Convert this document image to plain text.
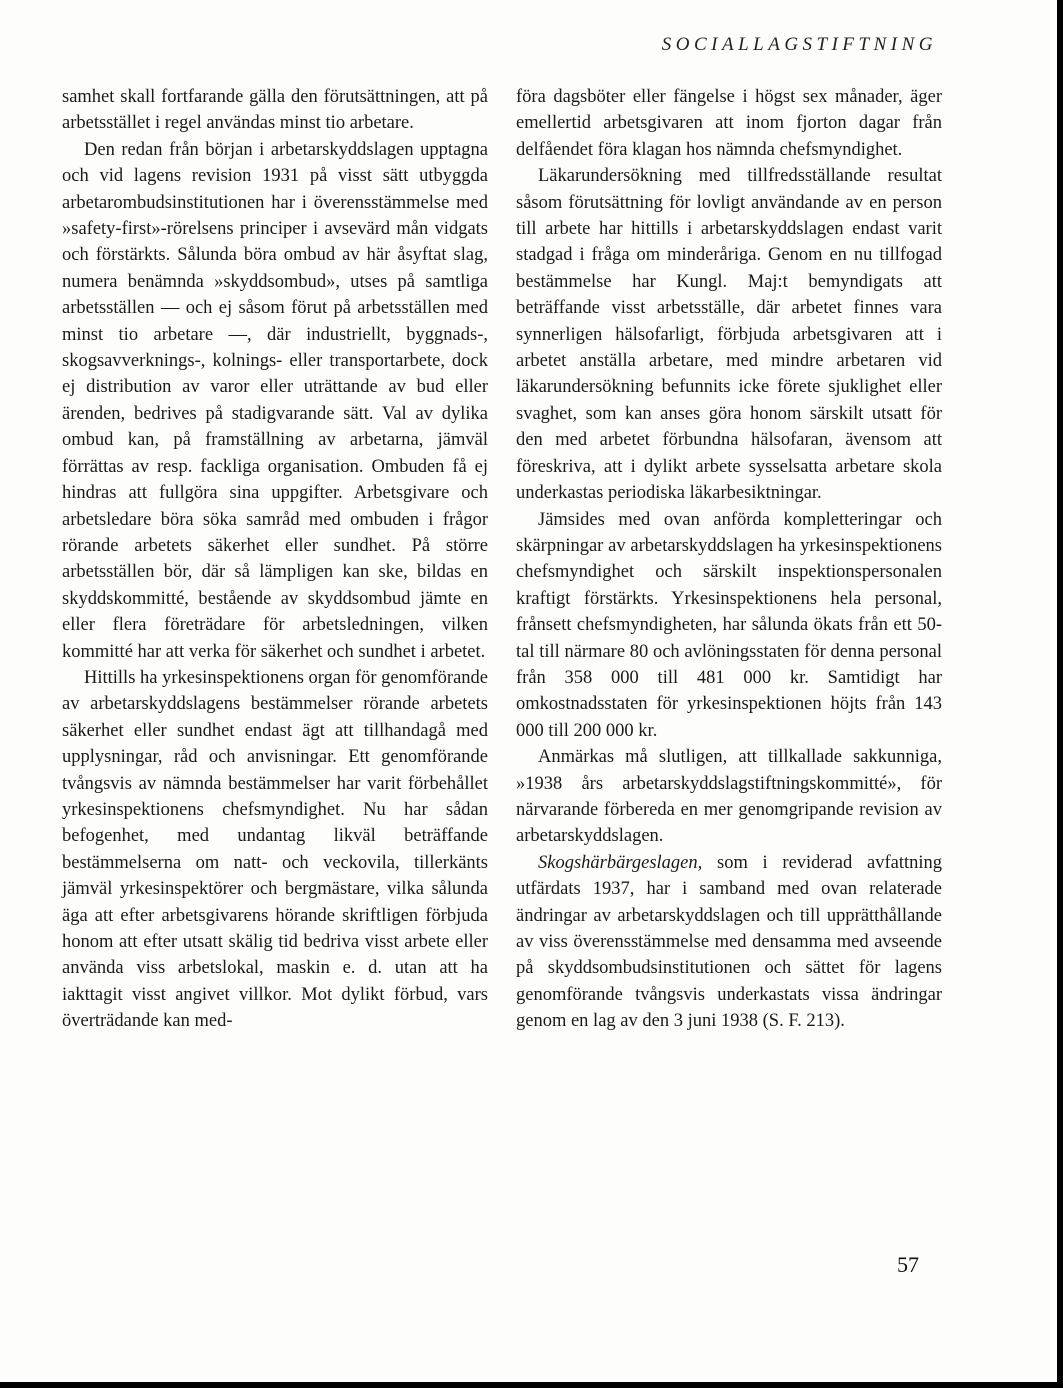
SOCIALLAGSTIFTNING

samhet skall fortfarande gälla den förutsättningen, att på arbetsstället i regel användas minst tio arbetare.

Den redan från början i arbetarskyddslagen upptagna och vid lagens revision 1931 på visst sätt utbyggda arbetarombudsinstitutionen har i överensstämmelse med »safety-first»-rörelsens principer i avsevärd mån vidgats och förstärkts. Sålunda böra ombud av här åsyftat slag, numera benämnda »skyddsombud», utses på samtliga arbetsställen — och ej såsom förut på arbetsställen med minst tio arbetare —, där industriellt, byggnads-, skogsavverknings-, kolnings- eller transportarbete, dock ej distribution av varor eller uträttande av bud eller ärenden, bedrives på stadigvarande sätt. Val av dylika ombud kan, på framställning av arbetarna, jämväl förrättas av resp. fackliga organisation. Ombuden få ej hindras att fullgöra sina uppgifter. Arbetsgivare och arbetsledare böra söka samråd med ombuden i frågor rörande arbetets säkerhet eller sundhet. På större arbetsställen bör, där så lämpligen kan ske, bildas en skyddskommitté, bestående av skyddsombud jämte en eller flera företrädare för arbetsledningen, vilken kommitté har att verka för säkerhet och sundhet i arbetet.

Hittills ha yrkesinspektionens organ för genomförande av arbetarskyddslagens bestämmelser rörande arbetets säkerhet eller sundhet endast ägt att tillhandagå med upplysningar, råd och anvisningar. Ett genomförande tvångsvis av nämnda bestämmelser har varit förbehållet yrkesinspektionens chefsmyndighet. Nu har sådan befogenhet, med undantag likväl beträffande bestämmelserna om natt- och veckovila, tillerkänts jämväl yrkesinspektörer och bergmästare, vilka sålunda äga att efter arbetsgivarens hörande skriftligen förbjuda honom att efter utsatt skälig tid bedriva visst arbete eller använda viss arbetslokal, maskin e. d. utan att ha iakttagit visst angivet villkor. Mot dylikt förbud, vars överträdande kan med-

föra dagsböter eller fängelse i högst sex månader, äger emellertid arbetsgivaren att inom fjorton dagar från delfåendet föra klagan hos nämnda chefsmyndighet.

Läkarundersökning med tillfredsställande resultat såsom förutsättning för lovligt användande av en person till arbete har hittills i arbetarskyddslagen endast varit stadgad i fråga om minderåriga. Genom en nu tillfogad bestämmelse har Kungl. Maj:t bemyndigats att beträffande visst arbetsställe, där arbetet finnes vara synnerligen hälsofarligt, förbjuda arbetsgivaren att i arbetet anställa arbetare, med mindre arbetaren vid läkarundersökning befunnits icke förete sjuklighet eller svaghet, som kan anses göra honom särskilt utsatt för den med arbetet förbundna hälsofaran, ävensom att föreskriva, att i dylikt arbete sysselsatta arbetare skola underkastas periodiska läkarbesiktningar.

Jämsides med ovan anförda kompletteringar och skärpningar av arbetarskyddslagen ha yrkesinspektionens chefsmyndighet och särskilt inspektionspersonalen kraftigt förstärkts. Yrkesinspektionens hela personal, frånsett chefsmyndigheten, har sålunda ökats från ett 50-tal till närmare 80 och avlöningsstaten för denna personal från 358 000 till 481 000 kr. Samtidigt har omkostnadsstaten för yrkesinspektionen höjts från 143 000 till 200 000 kr.

Anmärkas må slutligen, att tillkallade sakkunniga, »1938 års arbetarskyddslagstiftningskommitté», för närvarande förbereda en mer genomgripande revision av arbetarskyddslagen.

Skogshärbärgeslagen, som i reviderad avfattning utfärdats 1937, har i samband med ovan relaterade ändringar av arbetarskyddslagen och till upprätthållande av viss överensstämmelse med densamma med avseende på skyddsombudsinstitutionen och sättet för lagens genomförande tvångsvis underkastats vissa ändringar genom en lag av den 3 juni 1938 (S. F. 213).

57
